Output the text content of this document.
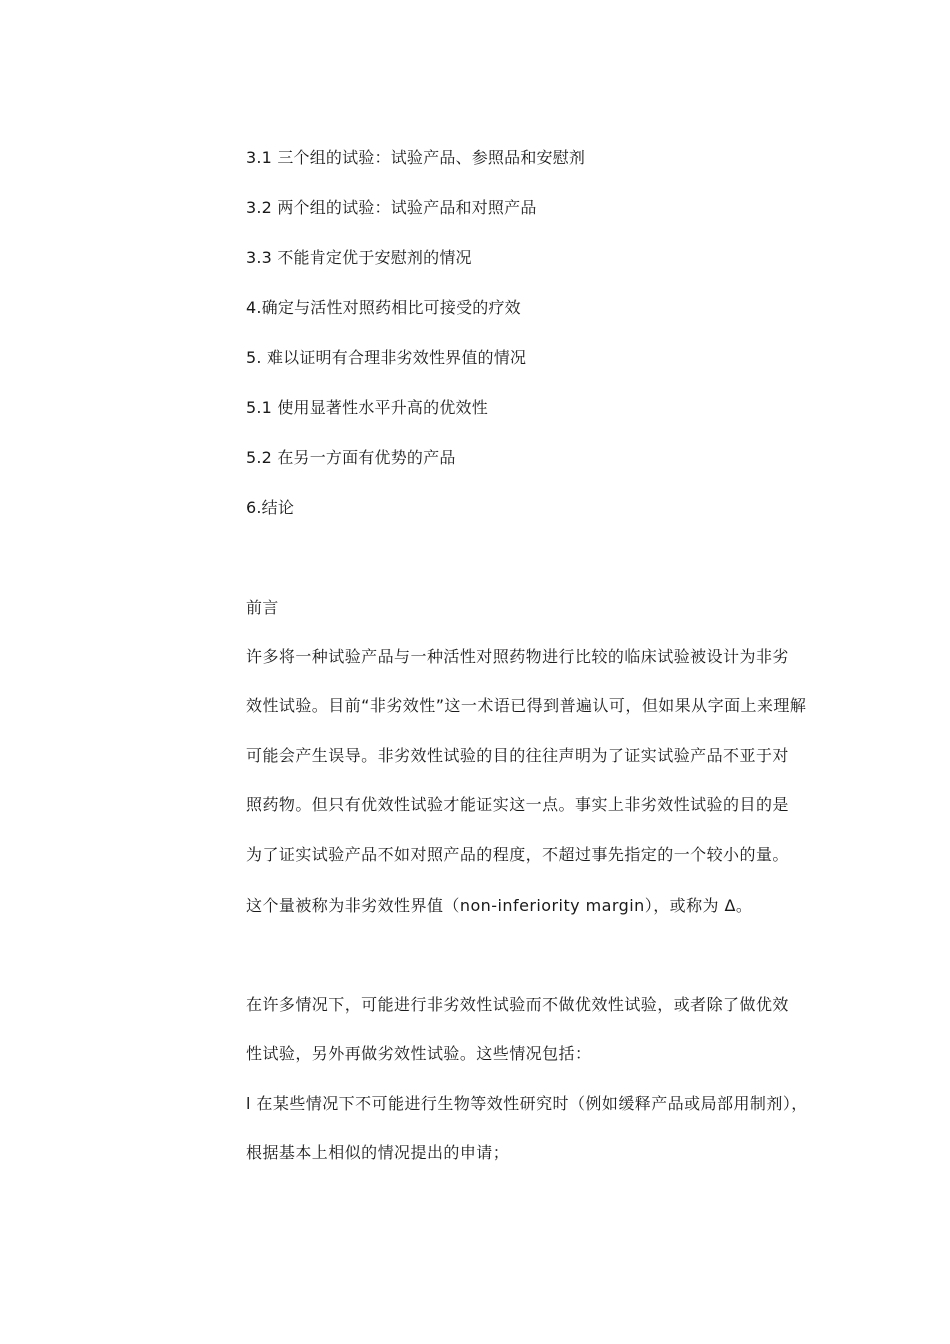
3.1 三个组的试验：试验产品、参照品和安慰剂
3.2 两个组的试验：试验产品和对照产品
3.3 不能肯定优于安慰剂的情况
4.确定与活性对照药相比可接受的疗效
5. 难以证明有合理非劣效性界值的情况
5.1 使用显著性水平升高的优效性
5.2 在另一方面有优势的产品
6.结论
前言
许多将一种试验产品与一种活性对照药物进行比较的临床试验被设计为非劣
效性试验。目前“非劣效性”这一术语已得到普遍认可，但如果从字面上来理解
可能会产生误导。非劣效性试验的目的往往声明为了证实试验产品不亚于对
照药物。但只有优效性试验才能证实这一点。事实上非劣效性试验的目的是
为了证实试验产品不如对照产品的程度，不超过事先指定的一个较小的量。
这个量被称为非劣效性界值（non-inferiority margin），或称为 Δ。
在许多情况下，可能进行非劣效性试验而不做优效性试验，或者除了做优效
性试验，另外再做劣效性试验。这些情况包括：
l 在某些情况下不可能进行生物等效性研究时（例如缓释产品或局部用制剂），
根据基本上相似的情况提出的申请；
